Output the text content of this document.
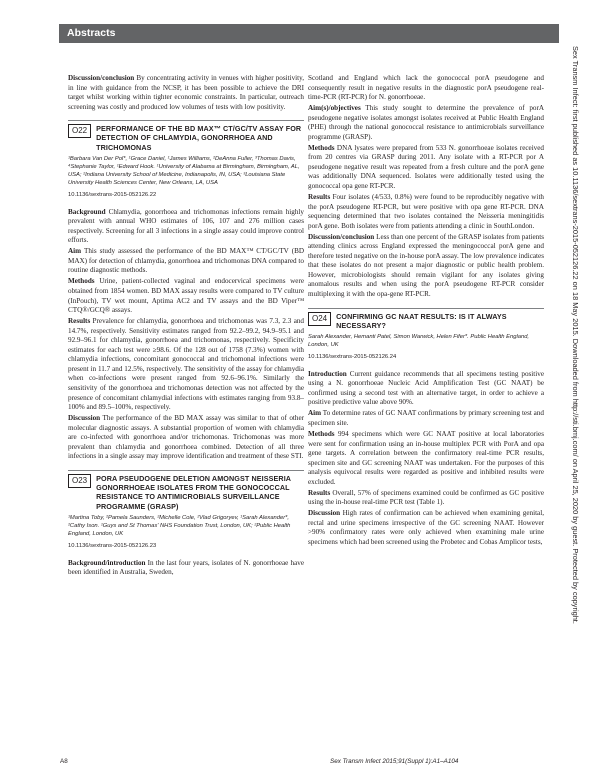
Abstracts

Discussion/conclusion By concentrating activity in venues with higher positivity, in line with guidance from the NCSP, it has been possible to achieve the DRI target whilst working within tighter economic constraints. In particular, outreach screening was costly and produced low volumes of tests with low positivity.

O22	PERFORMANCE OF THE BD MAX™ CT/GC/TV ASSAY FOR DETECTION OF CHLAMYDIA, GONORRHOEA AND TRICHOMONAS
¹Barbara Van Der Pol*, ¹Grace Daniel, ¹James Williams, ²DeAnna Fuller, ³Thomas Davis, ⁴Stephanie Taylor, ¹Edward Hook. ¹University of Alabama at Birmingham, Birmingham, AL, USA; ²Indiana University School of Medicine, Indianapolis, IN, USA; ³Louisiana State University Health Sciences Center, New Orleans, LA, USA
10.1136/sextrans-2015-052126.22

Background Chlamydia, gonorrhoea and trichomonas infections remain highly prevalent with annual WHO estimates of 106, 107 and 276 million cases respectively. Screening for all 3 infections in a single assay could improve control efforts.

Aim This study assessed the performance of the BD MAX™ CT/GC/TV (BD MAX) for detection of chlamydia, gonorrhoea and trichomonas DNA compared to routine diagnostic methods.

Methods Urine, patient-collected vaginal and endocervical specimens were obtained from 1854 women. BD MAX assay results were compared to TV culture (InPouch), TV wet mount, Aptima AC2 and TV assays and the BD Viper™ CTQ®/GCQ® assays.

Results Prevalence for chlamydia, gonorrhoea and trichomonas was 7.3, 2.3 and 14.7%, respectively. Sensitivity estimates ranged from 92.2–99.2, 94.9–95.1 and 92.9–96.1 for chlamydia, gonorrhoea and trichomonas, respectively. Specificity estimates for each test were ≥98.6. Of the 128 out of 1758 (7.3%) women with chlamydia infections, concomitant gonococcal and trichomonal infections were present in 11.7 and 12.5%, respectively. The sensitivity of the assay for chlamydia when co-infections were present ranged from 92.6–96.1%. Similarly the sensitivity of the gonorrhoea and trichomonas detection was not affected by the presence of concomitant chlamydial infections with estimates ranging from 93.8–100% and 89.5–100%, respectively.

Discussion The performance of the BD MAX assay was similar to that of other molecular diagnostic assays. A substantial proportion of women with chlamydia are co-infected with gonorrhoea and/or trichomonas. Trichomonas was more prevalent than chlamydia and gonorrhoea combined. Detection of all three infections in a single assay may improve identification and treatment of these STI.

O23	PORA PSEUDOGENE DELETION AMONGST NEISSERIA GONORRHOEAE ISOLATES FROM THE GONOCOCCAL RESISTANCE TO ANTIMICROBIALS SURVEILLANCE PROGRAMME (GRASP)
¹Martina Toby, ²Pamela Saunders, ²Michelle Cole, ²Vlad Grigoryev, ¹Sarah Alexander*, ²Cathy Ison. ¹Guys and St Thomas' NHS Foundation Trust, London, UK; ²Public Health England, London, UK
10.1136/sextrans-2015-052126.23

Background/introduction In the last four years, isolates of N. gonorrhoeae have been identified in Australia, Sweden,

Scotland and England which lack the gonococcal porA pseudogene and consequently result in negative results in the diagnostic porA pseudogene real-time-PCR (RT-PCR) for N. gonorrhoeae.

Aim(s)/objectives This study sought to determine the prevalence of porA pseudogene negative isolates amongst isolates received at Public Health England (PHE) through the national gonococcal resistance to antimicrobials surveillance programme (GRASP).

Methods DNA lysates were prepared from 533 N. gonorrhoeae isolates received from 20 centres via GRASP during 2011. Any isolate with a RT-PCR por A pseudogene negative result was repeated from a fresh culture and the porA gene was additionally DNA sequenced. Isolates were additionally tested using the gonococcal opa gene RT-PCR.

Results Four isolates (4/533, 0.8%) were found to be reproducibly negative with the porA pseudogene RT-PCR, but were positive with opa gene RT-PCR. DNA sequencing determined that two isolates contained the Neisseria meningitidis porA gene. Both isolates were from patients attending a clinic in SouthLondon.

Discussion/conclusion Less than one percent of the GRASP isolates from patients attending clinics across England expressed the meningococcal porA gene and therefore tested negative on the in-house porA assay. The low prevalence indicates that these isolates do not present a major diagnostic or public health problem. However, microbiologists should remain vigilant for any isolates giving anomalous results and when using the porA pseudogene RT-PCR consider multiplexing it with the opa-gene RT-PCR.

O24	CONFIRMING GC NAAT RESULTS: IS IT ALWAYS NECESSARY?
Sarah Alexander, Hemanti Patel, Simon Warwick, Helen Fifer*. Public Health England, London, UK
10.1136/sextrans-2015-052126.24

Introduction Current guidance recommends that all specimens testing positive using a N. gonorrhoeae Nucleic Acid Amplification Test (GC NAAT) be confirmed using a second test with an alternative target, in order to achieve a positive predictive value above 90%.

Aim To determine rates of GC NAAT confirmations by primary screening test and specimen site.

Methods 994 specimens which were GC NAAT positive at local laboratories were sent for confirmation using an in-house multiplex PCR with PorA and opa gene targets. A correlation between the confirmatory real-time PCR results, specimen site and GC screening NAAT was undertaken. For the purposes of this analysis equivocal results were regarded as positive and inhibited results were excluded.

Results Overall, 57% of specimens examined could be confirmed as GC positive using the in-house real-time PCR test (Table 1).

Discussion High rates of confirmation can be achieved when examining genital, rectal and urine specimens irrespective of the GC screening NAAT. However >90% confirmatory rates were only achieved when examining male urine specimens which had been screened using the Probetec and Cobas Amplicor tests,

A8	Sex Transm Infect 2015;91(Suppl 1):A1–A104
Sex Transm Infect: first published as 10.1136/sextrans-2015-052126.22 on 18 May 2015. Downloaded from http://sti.bmj.com/ on April 25, 2020 by guest. Protected by copyright.
